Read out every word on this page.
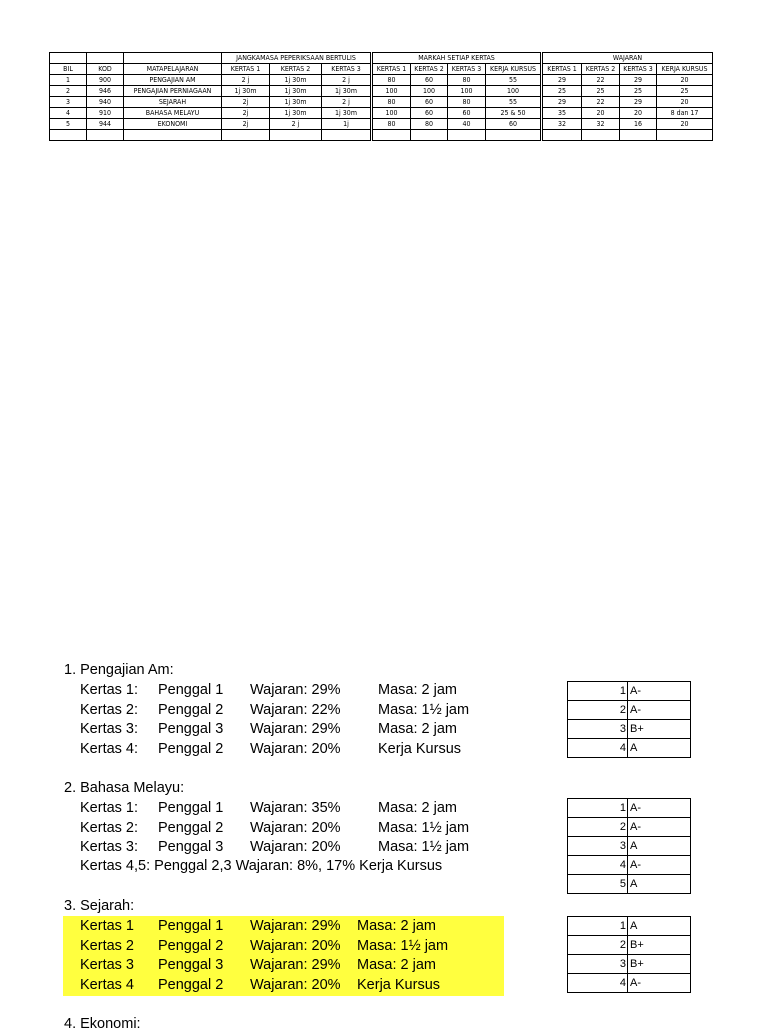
			JANGKAMASA PEPERIKSAAN BERTULIS			MARKAH SETIAP KERTAS				WAJARAN			
BIL	KOD	MATAPELAJARAN	KERTAS 1	KERTAS 2	KERTAS 3	KERTAS 1	KERTAS 2	KERTAS 3	KERJA KURSUS	KERTAS 1	KERTAS 2	KERTAS 3	KERJA KURSUS
1	900	PENGAJIAN AM	2 j	1j 30m	2 j	80	60	80	55	29	22	29	20
2	946	PENGAJIAN PERNIAGAAN	1j 30m	1j 30m	1j 30m	100	100	100	100	25	25	25	25
3	940	SEJARAH	2j	1j 30m	2 j	80	60	80	55	29	22	29	20
4	910	BAHASA MELAYU	2j	1j 30m	1j 30m	100	60	60	25 & 50	35	20	20	8 dan 17
5	944	EKONOMI	2j	2 j	1j	80	80	40	60	32	32	16	20

1. Pengajian Am:
Kertas 1: Penggal 1 Wajaran: 29%	Masa: 2 jam
Kertas 2: Penggal 2 Wajaran: 22%	Masa: 1½ jam
Kertas 3: Penggal 3 Wajaran: 29%	Masa: 2 jam
Kertas 4: Penggal 2 Wajaran: 20%	Kerja Kursus
1	A-
2	A-
3	B+
4	A
2. Bahasa Melayu:
Kertas 1: Penggal 1 Wajaran: 35%	Masa: 2 jam
Kertas 2: Penggal 2 Wajaran: 20%	Masa: 1½ jam
Kertas 3: Penggal 3 Wajaran: 20%	Masa: 1½ jam
Kertas 4,5: Penggal 2,3 Wajaran: 8%, 17% Kerja Kursus
1	A-
2	A-
3	A
4	A-
5	A
3. Sejarah:
Kertas 1 Penggal 1 Wajaran: 29% Masa: 2 jam
Kertas 2 Penggal 2 Wajaran: 20% Masa: 1½ jam
Kertas 3 Penggal 3 Wajaran: 29% Masa: 2 jam
Kertas 4 Penggal 2 Wajaran: 20% Kerja Kursus
1	A
2	B+
3	B+
4	A-
4. Ekonomi:
